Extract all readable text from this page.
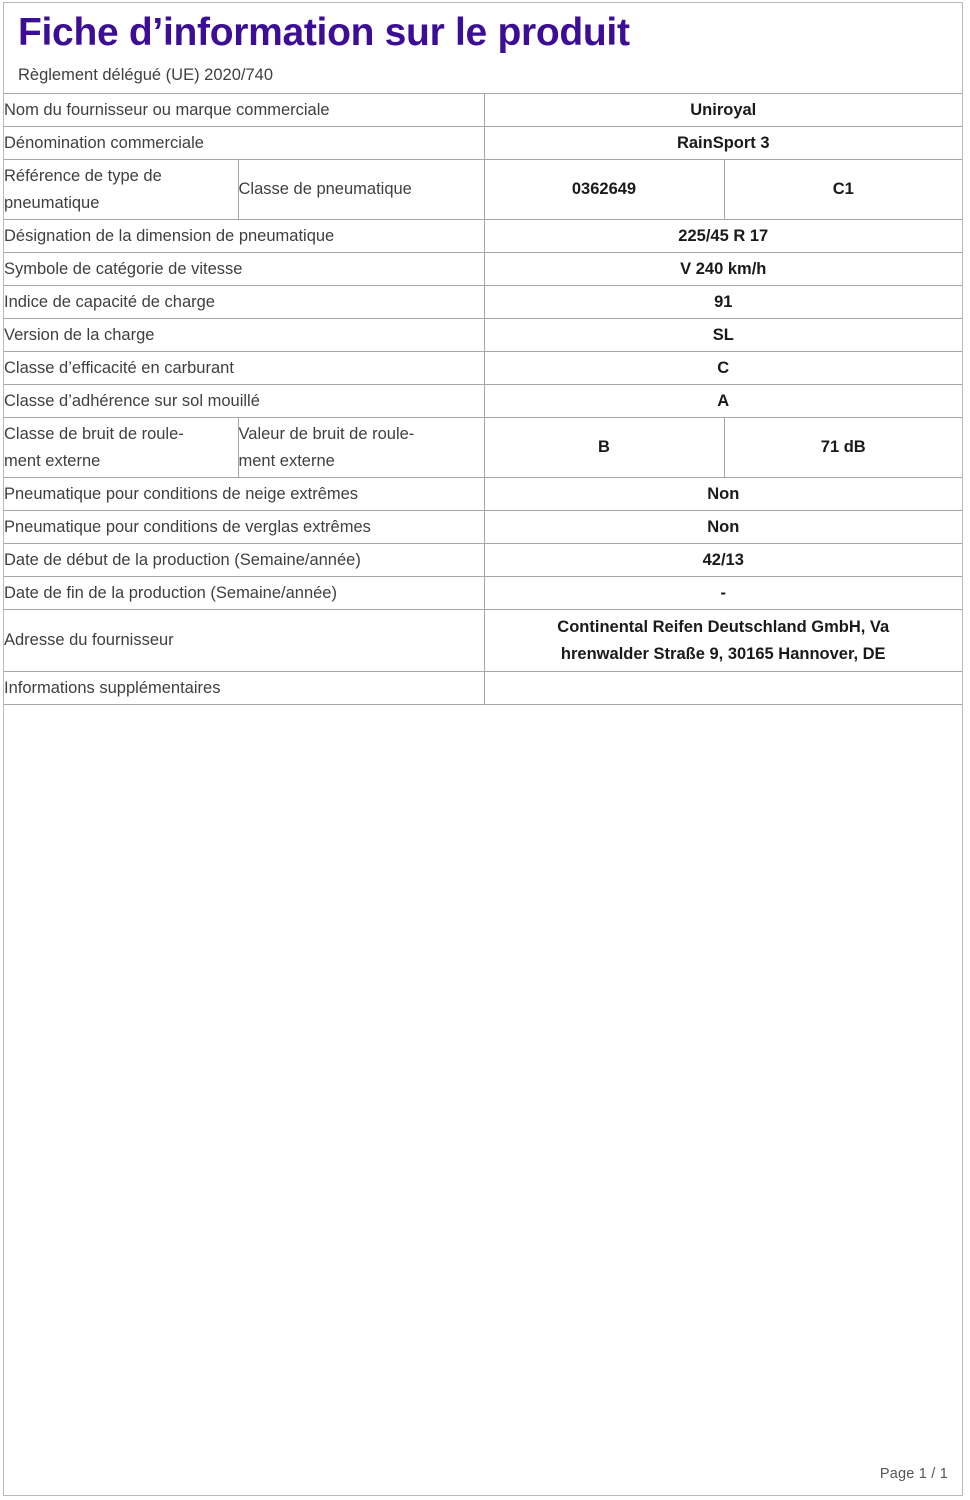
Fiche d’information sur le produit
Règlement délégué (UE) 2020/740
Nom du fournisseur ou marque commerciale		Uniroyal	
Dénomination commerciale		RainSport 3	

Référence de type de
pneumatique	Classe de pneumatique	0362649	C1
Désignation de la dimension de pneumatique		225/45 R 17	
Symbole de catégorie de vitesse		V 240 km/h	
Indice de capacité de charge		91	
Version de la charge		SL	
Classe d’efficacité en carburant		C	
Classe d’adhérence sur sol mouillé		A	

Classe de bruit de roule-
ment externe	Valeur de bruit de roule-
ment externe	B	71 dB
Pneumatique pour conditions de neige extrêmes		Non	
Pneumatique pour conditions de verglas extrêmes		Non	
Date de début de la production (Semaine/année)		42/13	
Date de fin de la production (Semaine/année)		-	
Adresse du fournisseur		Continental Reifen Deutschland GmbH, Va
hrenwalder Straße 9, 30165 Hannover, DE	

Informations supplémentaires			
Page 1 / 1
